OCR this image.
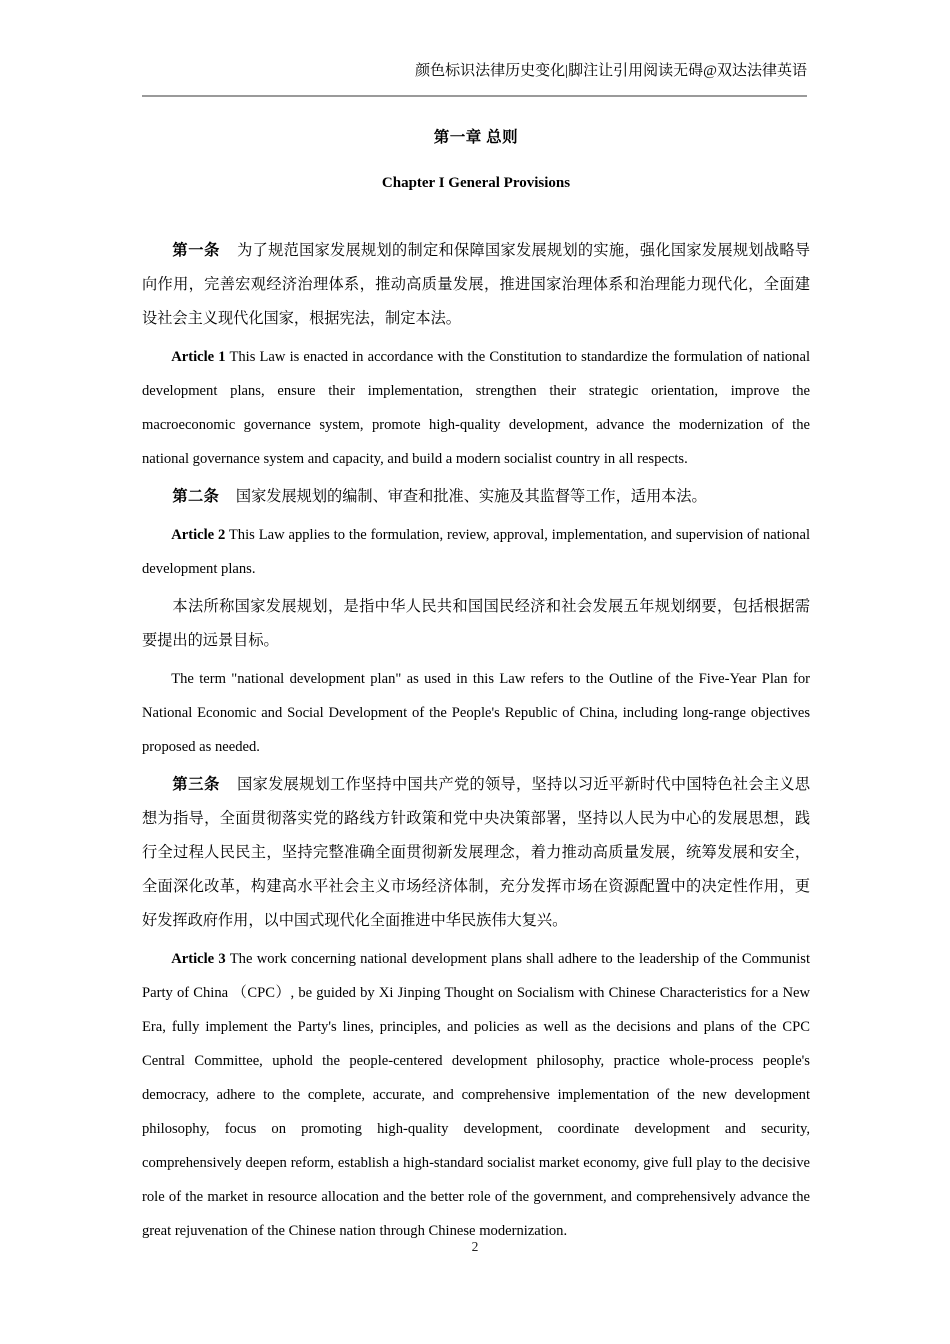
颜色标识法律历史变化|脚注让引用阅读无碍@双达法律英语
第一章 总则
Chapter I General Provisions

第一条 为了规范国家发展规划的制定和保障国家发展规划的实施，强化国家发展规划战略导向作用，完善宏观经济治理体系，推动高质量发展，推进国家治理体系和治理能力现代化，全面建设社会主义现代化国家，根据宪法，制定本法。

Article 1 This Law is enacted in accordance with the Constitution to standardize the formulation of national development plans, ensure their implementation, strengthen their strategic orientation, improve the macroeconomic governance system, promote high-quality development, advance the modernization of the national governance system and capacity, and build a modern socialist country in all respects.

第二条 国家发展规划的编制、审查和批准、实施及其监督等工作，适用本法。

Article 2 This Law applies to the formulation, review, approval, implementation, and supervision of national development plans.

本法所称国家发展规划，是指中华人民共和国国民经济和社会发展五年规划纲要，包括根据需要提出的远景目标。

The term "national development plan" as used in this Law refers to the Outline of the Five-Year Plan for National Economic and Social Development of the People's Republic of China, including long-range objectives proposed as needed.

第三条 国家发展规划工作坚持中国共产党的领导，坚持以习近平新时代中国特色社会主义思想为指导，全面贯彻落实党的路线方针政策和党中央决策部署，坚持以人民为中心的发展思想，践行全过程人民民主，坚持完整准确全面贯彻新发展理念，着力推动高质量发展，统筹发展和安全，全面深化改革，构建高水平社会主义市场经济体制，充分发挥市场在资源配置中的决定性作用，更好发挥政府作用，以中国式现代化全面推进中华民族伟大复兴。

Article 3 The work concerning national development plans shall adhere to the leadership of the Communist Party of China （CPC）, be guided by Xi Jinping Thought on Socialism with Chinese Characteristics for a New Era, fully implement the Party's lines, principles, and policies as well as the decisions and plans of the CPC Central Committee, uphold the people-centered development philosophy, practice whole-process people's democracy, adhere to the complete, accurate, and comprehensive implementation of the new development philosophy, focus on promoting high-quality development, coordinate development and security, comprehensively deepen reform, establish a high-standard socialist market economy, give full play to the decisive role of the market in resource allocation and the better role of the government, and comprehensively advance the great rejuvenation of the Chinese nation through Chinese modernization.

2
